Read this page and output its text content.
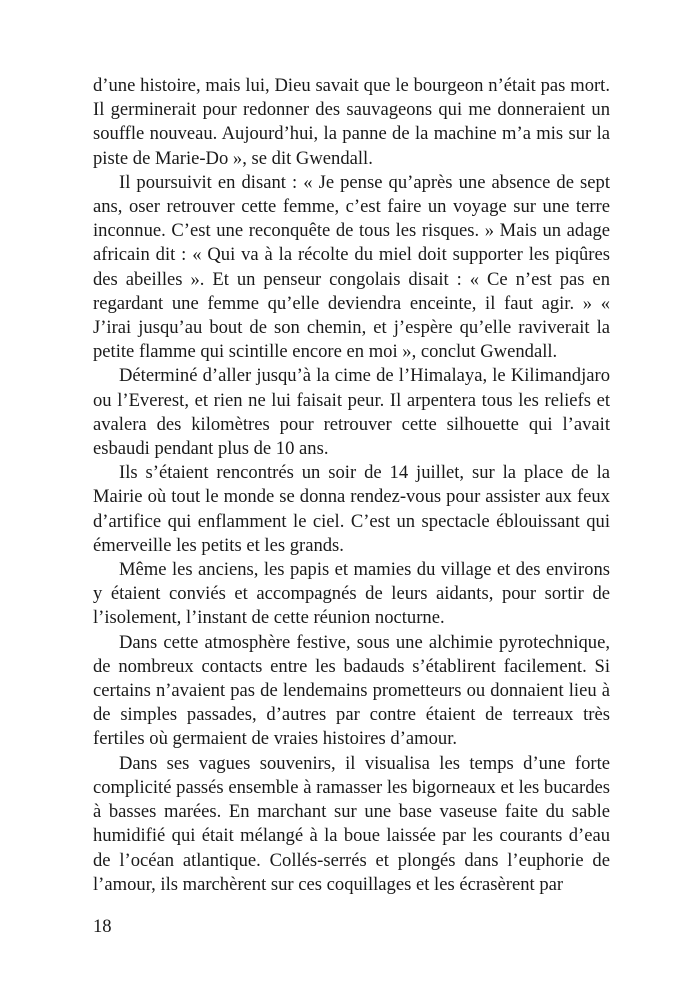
d’une histoire, mais lui, Dieu savait que le bourgeon n’était pas mort. Il germinerait pour redonner des sauvageons qui me donneraient un souffle nouveau. Aujourd’hui, la panne de la machine m’a mis sur la piste de Marie-Do », se dit Gwendall.

Il poursuivit en disant : « Je pense qu’après une absence de sept ans, oser retrouver cette femme, c’est faire un voyage sur une terre inconnue. C’est une reconquête de tous les risques. » Mais un adage africain dit : « Qui va à la récolte du miel doit supporter les piqûres des abeilles ». Et un penseur congolais disait : « Ce n’est pas en regardant une femme qu’elle deviendra enceinte, il faut agir. » « J’irai jusqu’au bout de son chemin, et j’espère qu’elle raviverait la petite flamme qui scintille encore en moi », conclut Gwendall.

Déterminé d’aller jusqu’à la cime de l’Himalaya, le Kilimandjaro ou l’Everest, et rien ne lui faisait peur. Il arpentera tous les reliefs et avalera des kilomètres pour retrouver cette silhouette qui l’avait esbaudi pendant plus de 10 ans.

Ils s’étaient rencontrés un soir de 14 juillet, sur la place de la Mairie où tout le monde se donna rendez-vous pour assister aux feux d’artifice qui enflamment le ciel. C’est un spectacle éblouissant qui émerveille les petits et les grands.

Même les anciens, les papis et mamies du village et des environs y étaient conviés et accompagnés de leurs aidants, pour sortir de l’isolement, l’instant de cette réunion nocturne.

Dans cette atmosphère festive, sous une alchimie pyrotechnique, de nombreux contacts entre les badauds s’établirent facilement. Si certains n’avaient pas de lendemains prometteurs ou donnaient lieu à de simples passades, d’autres par contre étaient de terreaux très fertiles où germaient de vraies histoires d’amour.

Dans ses vagues souvenirs, il visualisa les temps d’une forte complicité passés ensemble à ramasser les bigorneaux et les bucardes à basses marées. En marchant sur une base vaseuse faite du sable humidifié qui était mélangé à la boue laissée par les courants d’eau de l’océan atlantique. Collés-serrés et plongés dans l’euphorie de l’amour, ils marchèrent sur ces coquillages et les écrasèrent par

18
